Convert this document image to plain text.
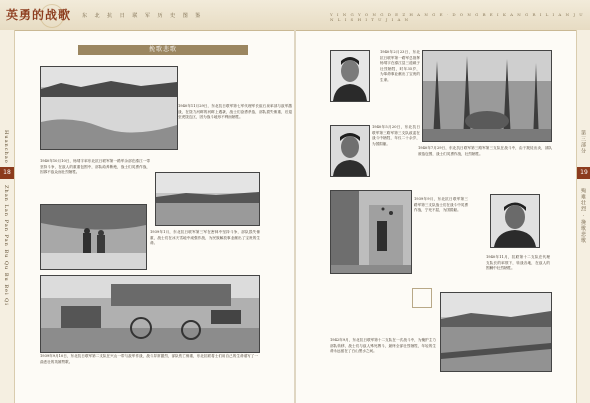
英勇的战歌 东 北 抗 日 联 军 历 史 图 鉴	Y I N G Y O N G D E Z H A N G E · D O N G B E I K A N G R I L I A N J U N L I S H I T U J I A N
Huanchao
18
Zhan Lan Pan Pan Bu Qu Bu Bei Qi
第三部分
19
殉难壮烈 · 挽歌悲歌
挽歌悲歌
1940年11月29日，东北抗日联军第七军代理军长崔石泉率部与敌军激战，在饶力河畔的河畔上遇袭，战士们奋勇杀敌，部队损失惨重，后退至虎饶边区，因为战斗地形不利而牺牲。
1940年10月10日，杨靖宇率东北抗日联军第一路军余部在濛江一带坚持斗争，在敌人的重重包围中，部队给养断绝，战士们英勇作战，因寡不敌众而壮烈牺牲。
1939年1月，东北抗日联军第三军在密林中坚持斗争，部队损失惨重，战士们在冰天雪地中顽强作战，为民族解放事业献出了宝贵的生命。
1939年9月10日，东北抗日联军第二支队在兴山一带与敌军作战，战斗异常激烈，部队伤亡惨重，东北抗联将士们用自己的生命谱写了一曲悲壮的英雄赞歌。
1940年2月23日，东北抗日联军第一路军总指挥杨靖宇在濛江县三道崴子壮烈牺牲，时年35岁，为革命事业献出了宝贵的生命。
1940年5月20日，东北抗日联军第三路军第三支队政委在战斗中牺牲，年仅二十余岁，为国捐躯。
1940年7月29日，东北抗日联军第三路军第三支队在战斗中，由于叛徒出卖，部队被敌包围，战士们英勇作战，壮烈牺牲。
1939年9月，东北抗日联军第三路军第三支队战士们在战斗中英勇作战，宁死不屈，为国捐躯。
1940年11月，抗联第十二支队在代理支队长的率领下，转战各地，在敌人的围剿中壮烈牺牲。
1942年9月，东北抗日联军第十二支队在一次战斗中，为掩护主力部队转移，战士们与敌人殊死搏斗，最终全部壮烈牺牲，年轻的生命永远留在了白山黑水之间。
